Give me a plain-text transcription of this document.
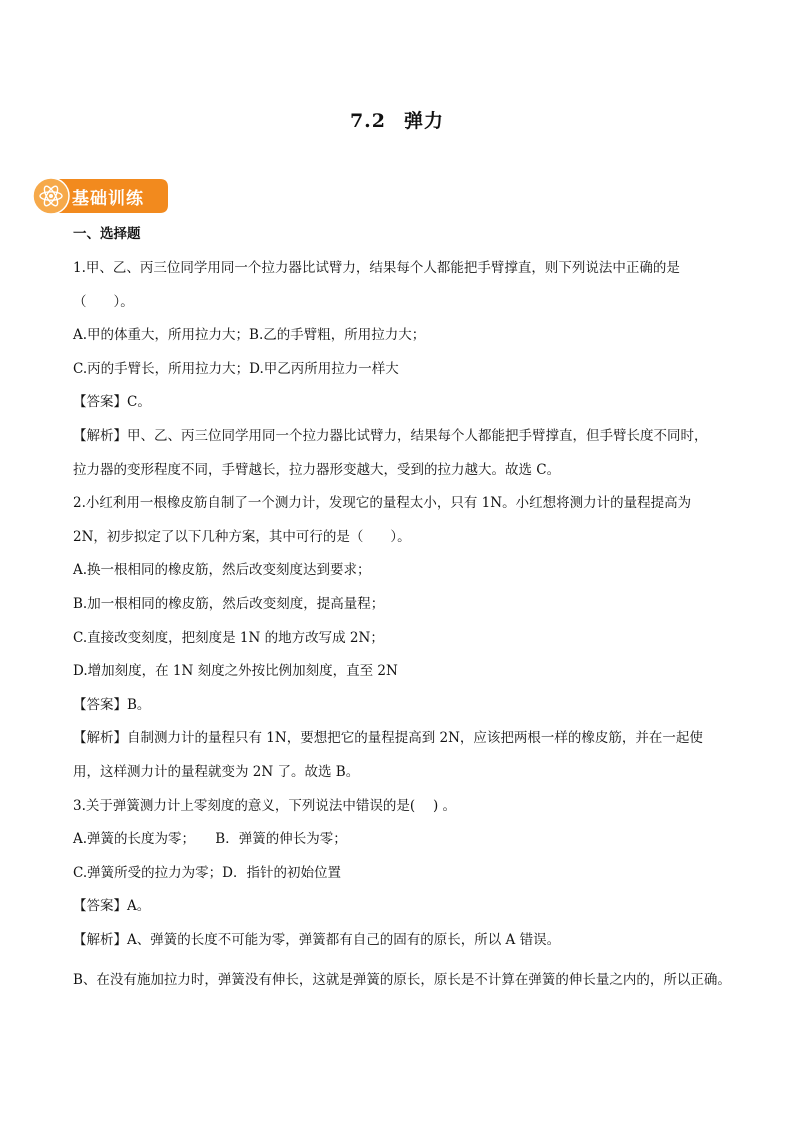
7.2 弹力
基础训练
一、选择题
1.甲、乙、丙三位同学用同一个拉力器比试臂力，结果每个人都能把手臂撑直，则下列说法中正确的是
（　　）。
A.甲的体重大，所用拉力大；B.乙的手臂粗，所用拉力大；
C.丙的手臂长，所用拉力大；D.甲乙丙所用拉力一样大
【答案】C。
【解析】甲、乙、丙三位同学用同一个拉力器比试臂力，结果每个人都能把手臂撑直，但手臂长度不同时，
拉力器的变形程度不同，手臂越长，拉力器形变越大，受到的拉力越大。故选 C。
2.小红利用一根橡皮筋自制了一个测力计，发现它的量程太小，只有 1N。小红想将测力计的量程提高为
2N，初步拟定了以下几种方案，其中可行的是（　　）。
A.换一根相同的橡皮筋，然后改变刻度达到要求；
B.加一根相同的橡皮筋，然后改变刻度，提高量程；
C.直接改变刻度，把刻度是 1N 的地方改写成 2N；
D.增加刻度，在 1N 刻度之外按比例加刻度，直至 2N
【答案】B。
【解析】自制测力计的量程只有 1N，要想把它的量程提高到 2N，应该把两根一样的橡皮筋，并在一起使
用，这样测力计的量程就变为 2N 了。故选 B。
3.关于弹簧测力计上零刻度的意义，下列说法中错误的是(　 ) 。
A.弹簧的长度为零；　　B．弹簧的伸长为零；
C.弹簧所受的拉力为零；D．指针的初始位置
【答案】A。
【解析】A、弹簧的长度不可能为零，弹簧都有自己的固有的原长，所以 A 错误。
B、在没有施加拉力时，弹簧没有伸长，这就是弹簧的原长，原长是不计算在弹簧的伸长量之内的，所以正确。
